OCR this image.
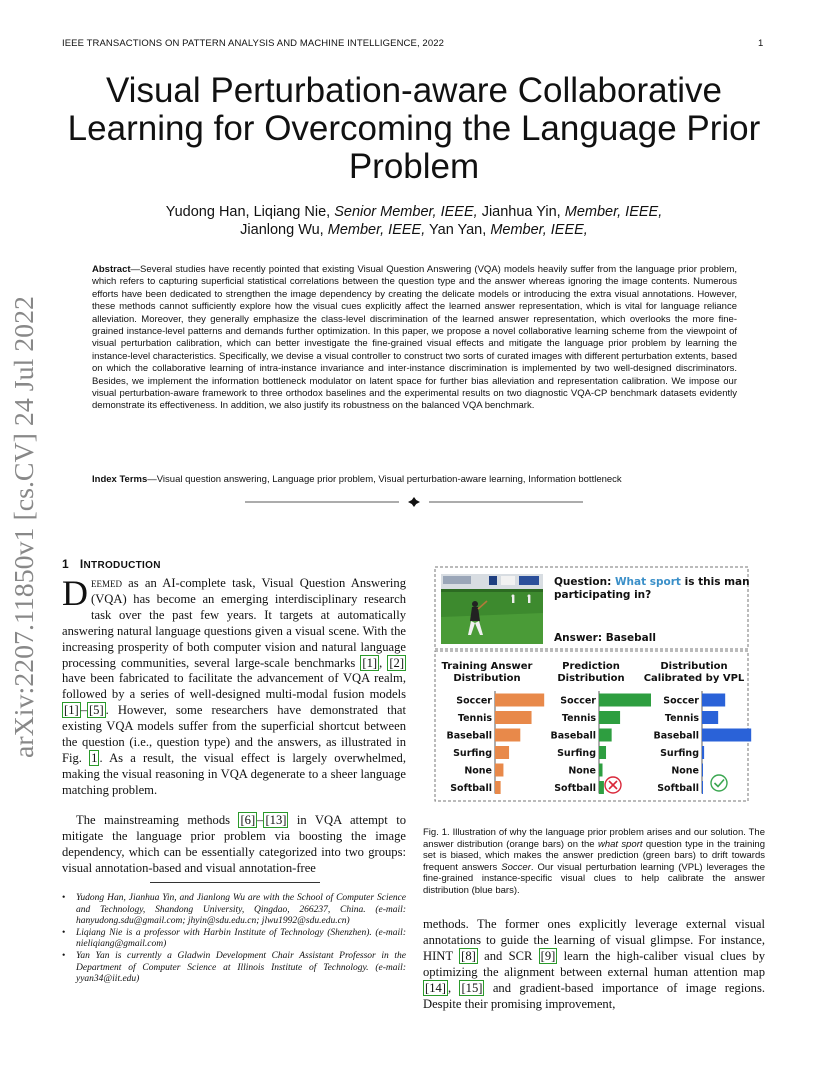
IEEE TRANSACTIONS ON PATTERN ANALYSIS AND MACHINE INTELLIGENCE, 2022	1
arXiv:2207.11850v1 [cs.CV] 24 Jul 2022
Visual Perturbation-aware Collaborative Learning for Overcoming the Language Prior Problem
Yudong Han, Liqiang Nie, Senior Member, IEEE, Jianhua Yin, Member, IEEE,
Jianlong Wu, Member, IEEE, Yan Yan, Member, IEEE,
Abstract—Several studies have recently pointed that existing Visual Question Answering (VQA) models heavily suffer from the language prior problem, which refers to capturing superficial statistical correlations between the question type and the answer whereas ignoring the image contents. Numerous efforts have been dedicated to strengthen the image dependency by creating the delicate models or introducing the extra visual annotations. However, these methods cannot sufficiently explore how the visual cues explicitly affect the learned answer representation, which is vital for language reliance alleviation. Moreover, they generally emphasize the class-level discrimination of the learned answer representation, which overlooks the more fine-grained instance-level patterns and demands further optimization. In this paper, we propose a novel collaborative learning scheme from the viewpoint of visual perturbation calibration, which can better investigate the fine-grained visual effects and mitigate the language prior problem by learning the instance-level characteristics. Specifically, we devise a visual controller to construct two sorts of curated images with different perturbation extents, based on which the collaborative learning of intra-instance invariance and inter-instance discrimination is implemented by two well-designed discriminators. Besides, we implement the information bottleneck modulator on latent space for further bias alleviation and representation calibration. We impose our visual perturbation-aware framework to three orthodox baselines and the experimental results on two diagnostic VQA-CP benchmark datasets evidently demonstrate its effectiveness. In addition, we also justify its robustness on the balanced VQA benchmark.
Index Terms—Visual question answering, Language prior problem, Visual perturbation-aware learning, Information bottleneck
1 INTRODUCTION
Deemed as an AI-complete task, Visual Question Answering (VQA) has become an emerging interdisciplinary research task over the past few years. It targets at automatically answering natural language questions given a visual scene. With the increasing prosperity of both computer vision and natural language processing communities, several large-scale benchmarks [1] , [2] have been fabricated to facilitate the advancement of VQA realm, followed by a series of well-designed multi-modal fusion models [1] – [5] . However, some researchers have demonstrated that existing VQA models suffer from the superficial shortcut between the question (i.e., question type) and the answers, as illustrated in Fig. 1 . As a result, the visual effect is largely overwhelmed, making the visual reasoning in VQA degenerate to a sheer language matching problem.
The mainstreaming methods [6] – [13] in VQA attempt to mitigate the language prior problem via boosting the image dependency, which can be essentially categorized into two groups: visual annotation-based and visual annotation-free
• Yudong Han, Jianhua Yin, and Jianlong Wu are with the School of Computer Science and Technology, Shandong University, Qingdao, 266237, China. (e-mail: hanyudong.sdu@gmail.com; jhyin@sdu.edu.cn; jlwu1992@sdu.edu.cn)
• Liqiang Nie is a professor with Harbin Institute of Technology (Shenzhen). (e-mail: nieliqiang@gmail.com)
• Yan Yan is currently a Gladwin Development Chair Assistant Professor in the Department of Computer Science at Illinois Institute of Technology. (e-mail: yyan34@iit.edu)
Question: What sport is this man
participating in?
Answer: Baseball
Training Answer
Distribution
Soccer
Tennis
Baseball
Surfing
None
Softball
Prediction
Distribution
Soccer
Tennis
Baseball
Surfing
None
Softball
Distribution
Calibrated by VPL
Soccer
Tennis
Baseball
Surfing
None
Softball
Fig. 1. Illustration of why the language prior problem arises and our solution. The answer distribution (orange bars) on the what sport question type in the training set is biased, which makes the answer prediction (green bars) to drift towards frequent answers Soccer. Our visual perturbation learning (VPL) leverages the fine-grained instance-specific visual clues to help calibrate the answer distribution (blue bars).
methods. The former ones explicitly leverage external visual annotations to guide the learning of visual glimpse. For instance, HINT [8] and SCR [9] learn the high-caliber visual clues by optimizing the alignment between external human attention map [14] , [15] and gradient-based importance of image regions. Despite their promising improvement,
